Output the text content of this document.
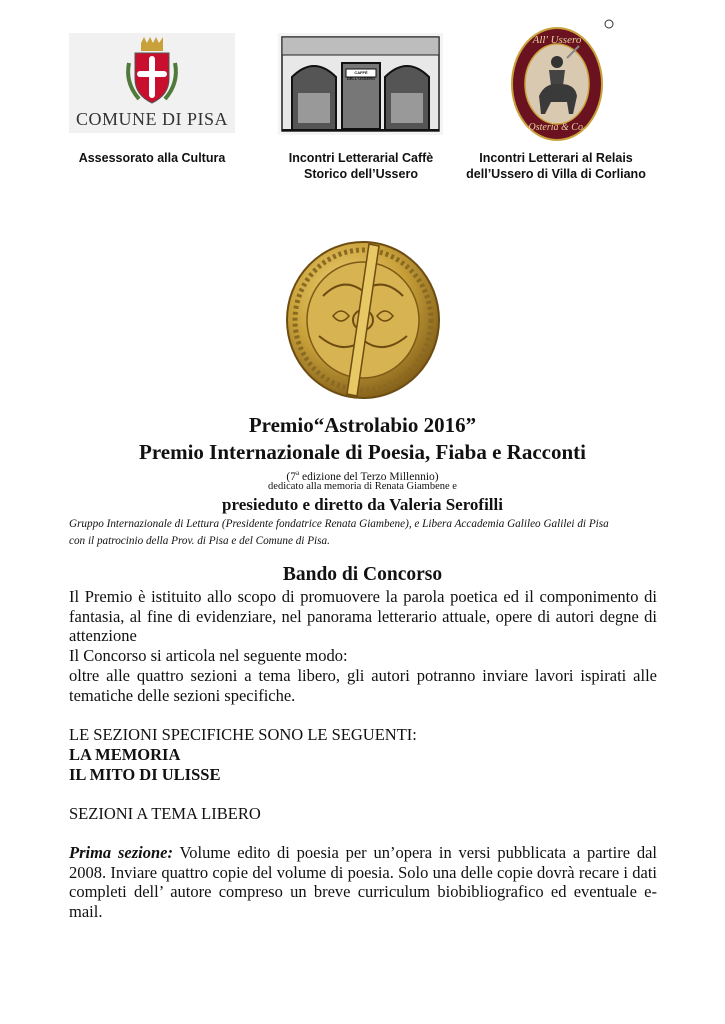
COMUNE DI PISA
CAFFÈ DELL'USSERO
All' Ussero
Osteria & Co.
Assessorato alla Cultura	Incontri Letterarial Caffè
Storico dell’Ussero
Incontri Letterari al Relais
dell’Ussero di Villa di Corliano
Premio“Astrolabio 2016”
Premio Internazionale di Poesia, Fiaba e Racconti
(7$^a$ edizione del Terzo Millennio)
dedicato alla memoria di Renata Giambene e
presieduto e diretto da Valeria Serofilli
Gruppo Internazionale di Lettura (Presidente fondatrice Renata Giambene), e Libera Accademia Galileo Galilei di Pisa
con il patrocinio della Prov. di Pisa e del Comune di Pisa.
Bando di Concorso
Il Premio è istituito allo scopo di promuovere la parola poetica ed il componimento di fantasia, al fine di evidenziare, nel panorama letterario attuale, opere di autori degne di attenzione
Il Concorso si articola nel seguente modo:
oltre alle quattro sezioni a tema libero, gli autori potranno inviare lavori ispirati alle tematiche delle sezioni specifiche.
LE SEZIONI SPECIFICHE SONO LE SEGUENTI:
LA MEMORIA
IL MITO DI ULISSE
SEZIONI A TEMA LIBERO
Prima sezione: Volume edito di poesia per un’opera in versi pubblicata a partire dal 2008. Inviare quattro copie del volume di poesia. Solo una delle copie dovrà recare i dati completi dell’ autore compreso un breve curriculum biobibliografico ed eventuale e-mail.
